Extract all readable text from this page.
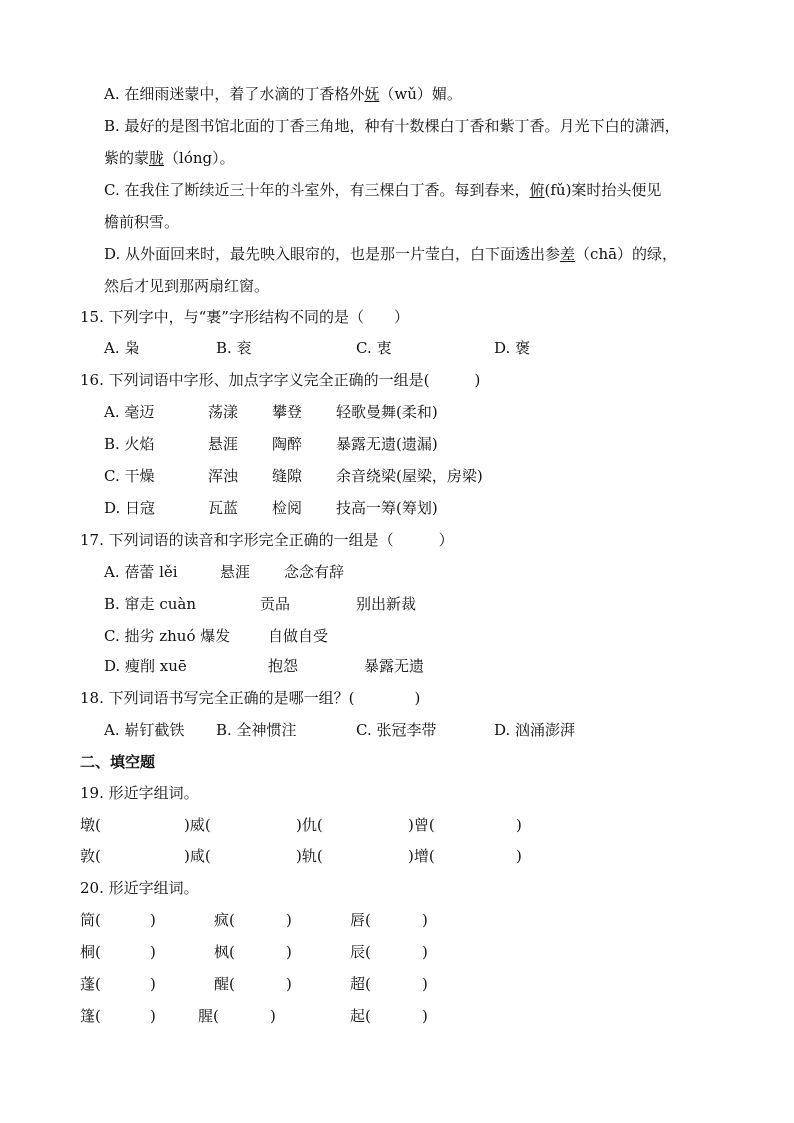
A. 在细雨迷蒙中，着了水滴的丁香格外妩（wǔ）媚。
B. 最好的是图书馆北面的丁香三角地，种有十数棵白丁香和紫丁香。月光下白的潇洒，
紫的蒙胧（lóng）。
C. 在我住了断续近三十年的斗室外，有三棵白丁香。每到春来，俯(fǔ)案时抬头便见
檐前积雪。
D. 从外面回来时，最先映入眼帘的，也是那一片莹白，白下面透出参差（chā）的绿，
然后才见到那两扇红窗。
15. 下列字中，与“裹”字形结构不同的是（　　）
A. 枭	B. 衮	C. 衷	D. 褒
16. 下列词语中字形、加点字字义完全正确的一组是(　　　)
A. 毫迈	荡漾 攀登 轻歌曼舞(柔和)
B. 火焰	悬涯 陶醉 暴露无遗(遗漏)
C. 干燥	浑浊 缝隙 余音绕梁(屋梁，房梁)
D. 日寇	瓦蓝 检阅 技高一筹(筹划)
17. 下列词语的读音和字形完全正确的一组是（　　　）
A. 蓓蕾 lěi	悬涯 念念有辞
B. 窜走 cuàn	贡品	别出新裁
C. 拙劣 zhuó 爆发	自做自受
D. 瘦削 xuē	抱怨	暴露无遗
18. 下列词语书写完全正确的是哪一组？(　　　　)
A. 崭钉截铁 B. 全神惯注	C. 张冠李带	D. 汹涌澎湃
二、填空题
19. 形近字组词。
墩(	)威(	)仇(	)曾(	)
敦(	)咸(	)轨(	)增(	)
20. 形近字组词。
筒(	)	疯(	)	唇(	)
桐(	)	枫(	)	辰(	)
蓬(	)	醒(	)	超(	)
篷(	)	腥(	)	起(	)
